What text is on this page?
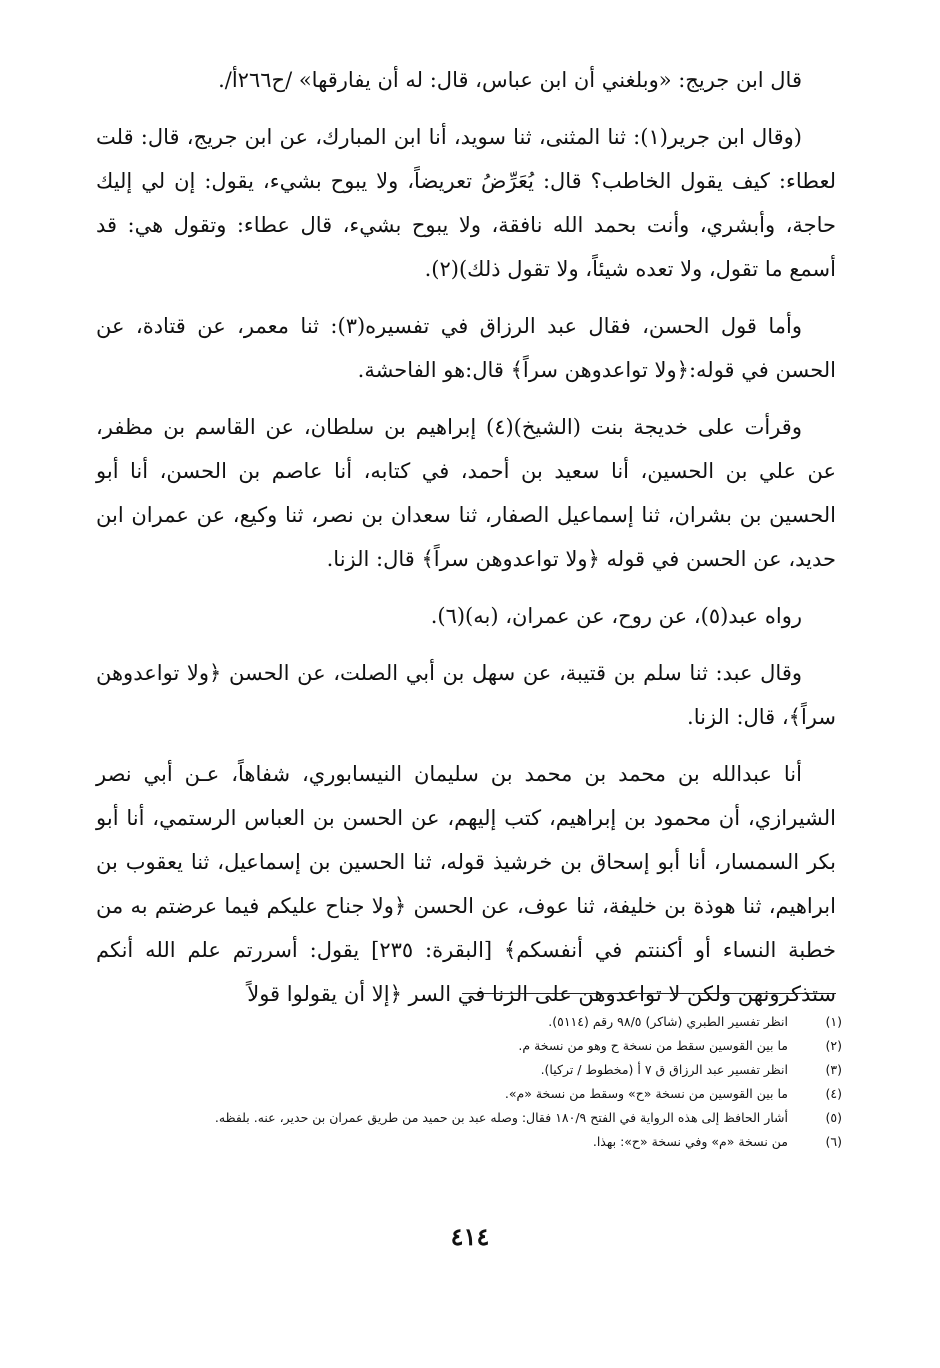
قال ابن جريج: «وبلغني أن ابن عباس، قال: له أن يفارقها» /ح٢٦٦أ/.

(وقال ابن جرير(١): ثنا المثنى، ثنا سويد، أنا ابن المبارك، عن ابن جريج، قال: قلت لعطاء: كيف يقول الخاطب؟ قال: يُعَرِّضُ تعريضاً، ولا يبوح بشيء، يقول: إن لي إليك حاجة، وأبشري، وأنت بحمد الله نافقة، ولا يبوح بشيء، قال عطاء: وتقول هي: قد أسمع ما تقول، ولا تعده شيئاً، ولا تقول ذلك)(٢).

وأما قول الحسن، فقال عبد الرزاق في تفسيره(٣): ثنا معمر، عن قتادة، عن الحسن في قوله:﴿ولا تواعدوهن سراً﴾ قال:هو الفاحشة.

وقرأت على خديجة بنت (الشيخ)(٤) إبراهيم بن سلطان، عن القاسم بن مظفر، عن علي بن الحسين، أنا سعيد بن أحمد، في كتابه، أنا عاصم بن الحسن، أنا أبو الحسين بن بشران، ثنا إسماعيل الصفار، ثنا سعدان بن نصر، ثنا وكيع، عن عمران ابن حديد، عن الحسن في قوله ﴿ولا تواعدوهن سراً﴾ قال: الزنا.

رواه عبد(٥)، عن روح، عن عمران، (به)(٦).

وقال عبد: ثنا سلم بن قتيبة، عن سهل بن أبي الصلت، عن الحسن ﴿ولا تواعدوهن سراً﴾، قال: الزنا.

أنا عبدالله بن محمد بن محمد بن سليمان النيسابوري، شفاهاً، عـن أبي نصر الشيرازي، أن محمود بن إبراهيم، كتب إليهم، عن الحسن بن العباس الرستمي، أنا أبو بكر السمسار، أنا أبو إسحاق بن خرشيذ قوله، ثنا الحسين بن إسماعيل، ثنا يعقوب بن ابراهيم، ثنا هوذة بن خليفة، ثنا عوف، عن الحسن ﴿ولا جناح عليكم فيما عرضتم به من خطبة النساء أو أكننتم في أنفسكم﴾ [البقرة: ٢٣٥] يقول: أسررتم علم الله أنكم ستذكرونهن ولكن لا تواعدوهن على الزنا في السر ﴿إلا أن يقولوا قولاً

(١)
انظر تفسير الطبري (شاكر) ٩٨/٥ رقم (٥١١٤).
(٢)
ما بين القوسين سقط من نسخة ح وهو من نسخة م.
(٣)
انظر تفسير عبد الرزاق ق ٧ أ (مخطوط / تركيا).
(٤)
ما بين القوسين من نسخة «ح» وسقط من نسخة «م».
(٥)
أشار الحافظ إلى هذه الرواية في الفتح ١٨٠/٩ فقال: وصله عبد بن حميد من طريق عمران بن حدير، عنه. بلفظه.
(٦)
من نسخة «م» وفي نسخة «ح»: بهذا.
٤١٤
